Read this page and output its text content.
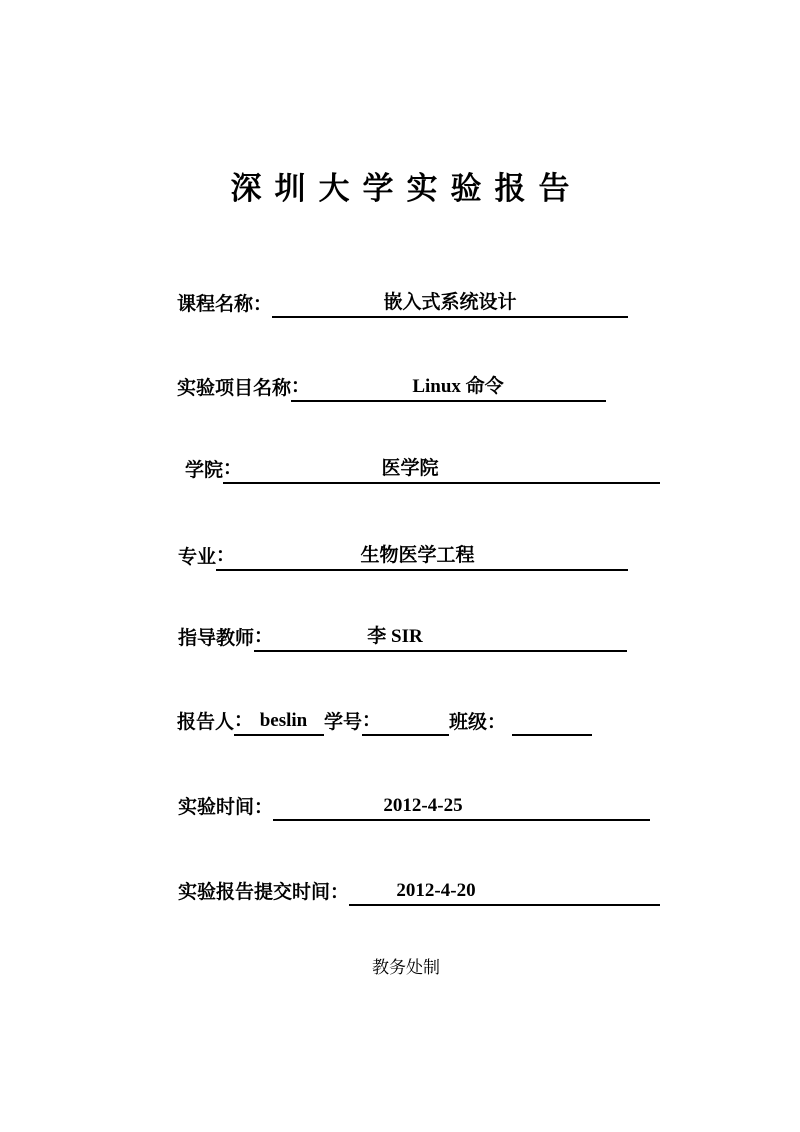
深圳大学实验报告
课程名称：	嵌入式系统设计
实验项目名称 ：	Linux 命令
学院 ：	医学院
专业 ：	生物医学工程
指导教师 ：	李 SIR
报告人 ： beslin 学号 ：	班级：
实验时间：	2012-4-25
实验报告提交时间：	2012-4-20
教务处制
